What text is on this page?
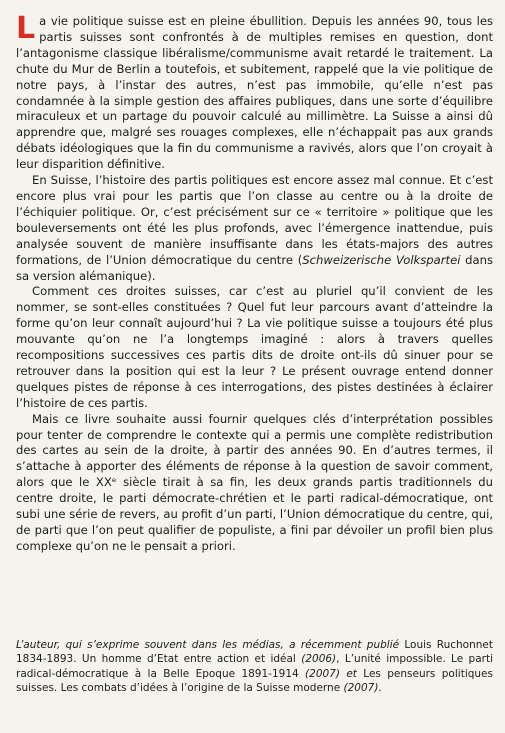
La vie politique suisse est en pleine ébullition. Depuis les années 90, tous les partis suisses sont confrontés à de multiples remises en question, dont l’antagonisme classique libéralisme/communisme avait retardé le traitement. La chute du Mur de Berlin a toutefois, et subitement, rappelé que la vie politique de notre pays, à l’instar des autres, n’est pas immobile, qu’elle n’est pas condamnée à la simple gestion des affaires publiques, dans une sorte d’équilibre miraculeux et un partage du pouvoir calculé au millimètre. La Suisse a ainsi dû apprendre que, malgré ses rouages complexes, elle n’échappait pas aux grands débats idéologiques que la fin du communisme a ravivés, alors que l’on croyait à leur disparition définitive.

En Suisse, l’histoire des partis politiques est encore assez mal connue. Et c’est encore plus vrai pour les partis que l’on classe au centre ou à la droite de l’échiquier politique. Or, c’est précisément sur ce « territoire » politique que les bouleversements ont été les plus profonds, avec l’émergence inattendue, puis analysée souvent de manière insuffisante dans les états-majors des autres formations, de l’Union démocratique du centre (Schweizerische Volkspartei dans sa version alémanique).

Comment ces droites suisses, car c’est au pluriel qu’il convient de les nommer, se sont-elles constituées ? Quel fut leur parcours avant d’atteindre la forme qu’on leur connaît aujourd’hui ? La vie politique suisse a toujours été plus mouvante qu’on ne l’a longtemps imaginé : alors à travers quelles recompositions successives ces partis dits de droite ont-ils dû sinuer pour se retrouver dans la position qui est la leur ? Le présent ouvrage entend donner quelques pistes de réponse à ces interrogations, des pistes destinées à éclairer l’histoire de ces partis.

Mais ce livre souhaite aussi fournir quelques clés d’interprétation possibles pour tenter de comprendre le contexte qui a permis une complète redistribution des cartes au sein de la droite, à partir des années 90. En d’autres termes, il s’attache à apporter des éléments de réponse à la question de savoir comment, alors que le XXᵉ siècle tirait à sa fin, les deux grands partis traditionnels du centre droite, le parti démocrate-chrétien et le parti radical-démocratique, ont subi une série de revers, au profit d’un parti, l’Union démocratique du centre, qui, de parti que l’on peut qualifier de populiste, a fini par dévoiler un profil bien plus complexe qu’on ne le pensait a priori.

L’auteur, qui s’exprime souvent dans les médias, a récemment publié Louis Ruchonnet 1834-1893. Un homme d’Etat entre action et idéal (2006), L’unité impossible. Le parti radical-démocratique à la Belle Epoque 1891-1914 (2007) et Les penseurs politiques suisses. Les combats d’idées à l’origine de la Suisse moderne (2007).
